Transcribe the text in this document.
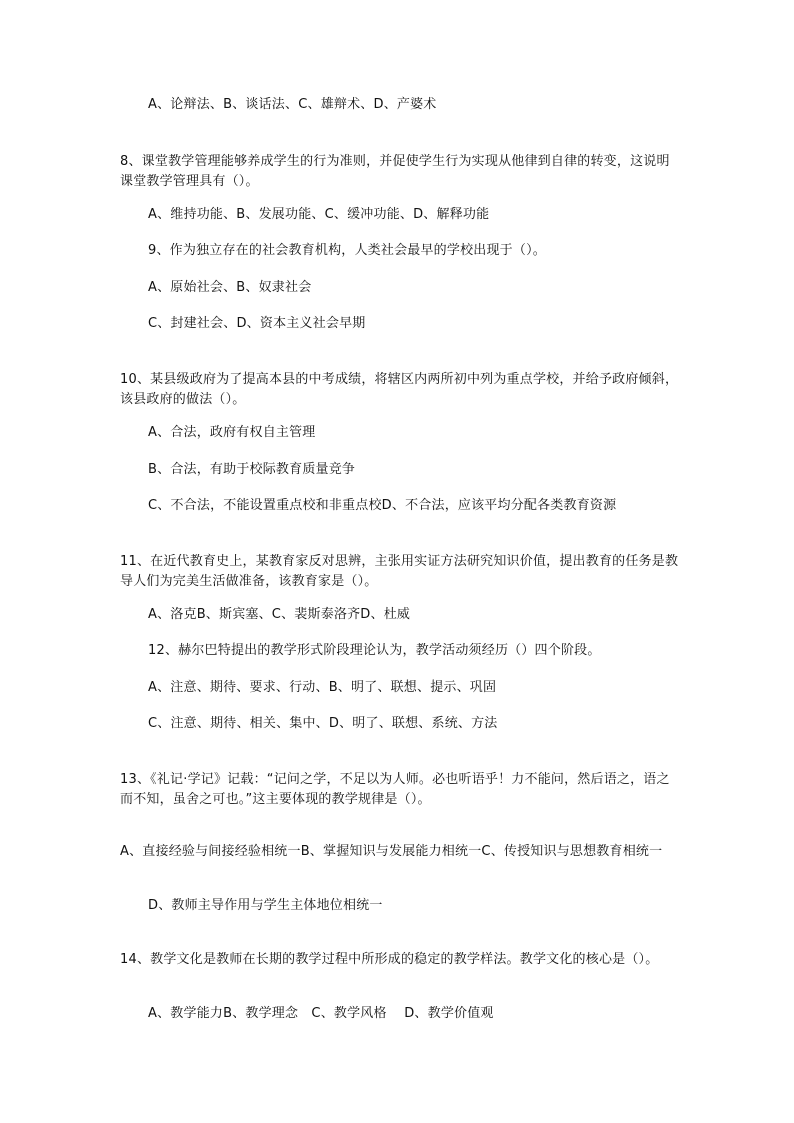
A、论辩法、B、谈话法、C、雄辩术、D、产婆术
8、课堂教学管理能够养成学生的行为准则，并促使学生行为实现从他律到自律的转变，这说明课堂教学管理具有（）。
A、维持功能、B、发展功能、C、缓冲功能、D、解释功能
9、作为独立存在的社会教育机构，人类社会最早的学校出现于（）。
A、原始社会、B、奴隶社会
C、封建社会、D、资本主义社会早期
10、某县级政府为了提高本县的中考成绩，将辖区内两所初中列为重点学校，并给予政府倾斜，该县政府的做法（）。
A、合法，政府有权自主管理
B、合法，有助于校际教育质量竞争
C、不合法，不能设置重点校和非重点校D、不合法，应该平均分配各类教育资源
11、在近代教育史上，某教育家反对思辨，主张用实证方法研究知识价值，提出教育的任务是教导人们为完美生活做准备，该教育家是（）。
A、洛克B、斯宾塞、C、裴斯泰洛齐D、杜威
12、赫尔巴特提出的教学形式阶段理论认为，教学活动须经历（）四个阶段。
A、注意、期待、要求、行动、B、明了、联想、提示、巩固
C、注意、期待、相关、集中、D、明了、联想、系统、方法
13、《礼记·学记》记载：“记问之学，不足以为人师。必也听语乎！力不能问，然后语之，语之而不知，虽舍之可也。”这主要体现的教学规律是（）。
A、直接经验与间接经验相统一B、掌握知识与发展能力相统一C、传授知识与思想教育相统一
D、教师主导作用与学生主体地位相统一
14、教学文化是教师在长期的教学过程中所形成的稳定的教学样法。教学文化的核心是（）。
A、教学能力B、教学理念　C、教学风格　 D、教学价值观
